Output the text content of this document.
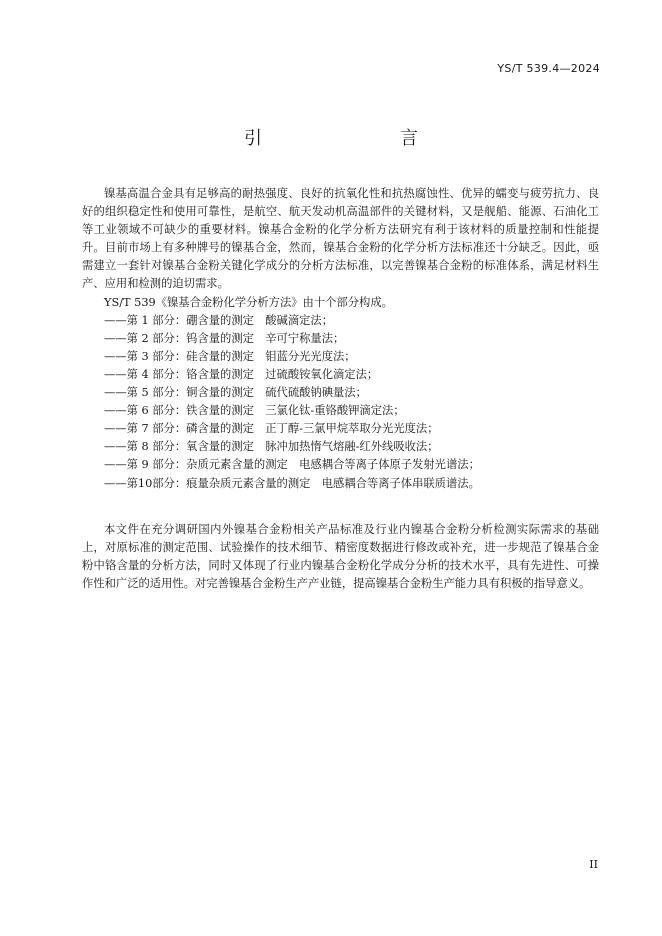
YS/T 539.4—2024
引　　言

镍基高温合金具有足够高的耐热强度、良好的抗氧化性和抗热腐蚀性、优异的蠕变与疲劳抗力、良好的组织稳定性和使用可靠性，是航空、航天发动机高温部件的关键材料，又是舰船、能源、石油化工等工业领域不可缺少的重要材料。镍基合金粉的化学分析方法研究有利于该材料的质量控制和性能提升。目前市场上有多种牌号的镍基合金，然而，镍基合金粉的化学分析方法标准还十分缺乏。因此，亟需建立一套针对镍基合金粉关键化学成分的分析方法标准，以完善镍基合金粉的标准体系，满足材料生产、应用和检测的迫切需求。

YS/T 539《镍基合金粉化学分析方法》由十个部分构成。

——第 1 部分：硼含量的测定　酸碱滴定法；
——第 2 部分：钨含量的测定　辛可宁称量法；
——第 3 部分：硅含量的测定　钼蓝分光光度法；
——第 4 部分：铬含量的测定　过硫酸铵氧化滴定法；
——第 5 部分：铜含量的测定　硫代硫酸钠碘量法；
——第 6 部分：铁含量的测定　三氯化钛-重铬酸钾滴定法；
——第 7 部分：磷含量的测定　正丁醇-三氯甲烷萃取分光光度法；
——第 8 部分：氧含量的测定　脉冲加热惰气熔融-红外线吸收法；
——第 9 部分：杂质元素含量的测定　电感耦合等离子体原子发射光谱法；
——第10部分：痕量杂质元素含量的测定　电感耦合等离子体串联质谱法。

本文件在充分调研国内外镍基合金粉相关产品标准及行业内镍基合金粉分析检测实际需求的基础上，对原标准的测定范围、试验操作的技术细节、精密度数据进行修改或补充，进一步规范了镍基合金粉中铬含量的分析方法，同时又体现了行业内镍基合金粉化学成分分析的技术水平，具有先进性、可操作性和广泛的适用性。对完善镍基合金粉生产产业链，提高镍基合金粉生产能力具有积极的指导意义。

II
